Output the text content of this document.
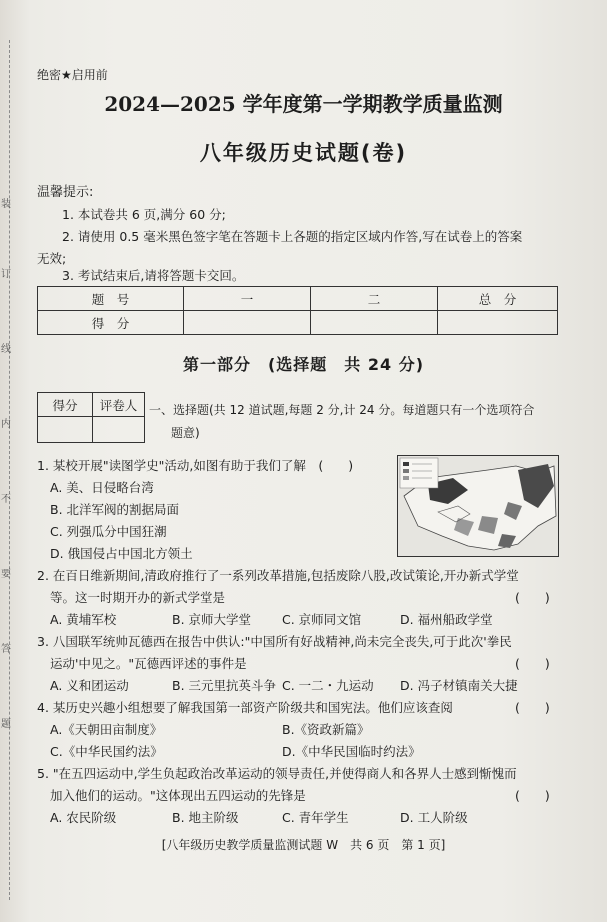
装
订
线
内
不
要
答
题
绝密★启用前
2024—2025 学年度第一学期教学质量监测
八年级历史试题(卷)
温馨提示:
1. 本试卷共 6 页,满分 60 分;
2. 请使用 0.5 毫米黑色签字笔在答题卡上各题的指定区域内作答,写在试卷上的答案
无效;
3. 考试结束后,请将答题卡交回。
题　号	一	二	总　分
得　分			
第一部分　(选择题　共 24 分)
得分	评卷人
	一、选择题(共 12 道试题,每题 2 分,计 24 分。每道题只有一个选项符合
题意)
1. 某校开展"读图学史"活动,如图有助于我们了解　(　　)
A. 美、日侵略台湾
B. 北洋军阀的割据局面
C. 列强瓜分中国狂潮
D. 俄国侵占中国北方领土
2. 在百日维新期间,清政府推行了一系列改革措施,包括废除八股,改试策论,开办新式学堂
等。这一时期开办的新式学堂是	(　　)
A. 黄埔军校	B. 京师大学堂 C. 京师同文馆	D. 福州船政学堂
3. 八国联军统帅瓦德西在报告中供认:"中国所有好战精神,尚未完全丧失,可于此次'拳民
运动'中见之。"瓦德西评述的事件是	(　　)
A. 义和团运动	B. 三元里抗英斗争 C. 一二・九运动 D. 冯子材镇南关大捷
4. 某历史兴趣小组想要了解我国第一部资产阶级共和国宪法。他们应该查阅	(　　)
A.《天朝田亩制度》	B.《资政新篇》
C.《中华民国约法》	D.《中华民国临时约法》
5. "在五四运动中,学生负起政治改革运动的领导责任,并使得商人和各界人士感到惭愧而
加入他们的运动。"这体现出五四运动的先锋是	(　　)
A. 农民阶级	B. 地主阶级	C. 青年学生	D. 工人阶级
[八年级历史教学质量监测试题 W　共 6 页　第 1 页]
